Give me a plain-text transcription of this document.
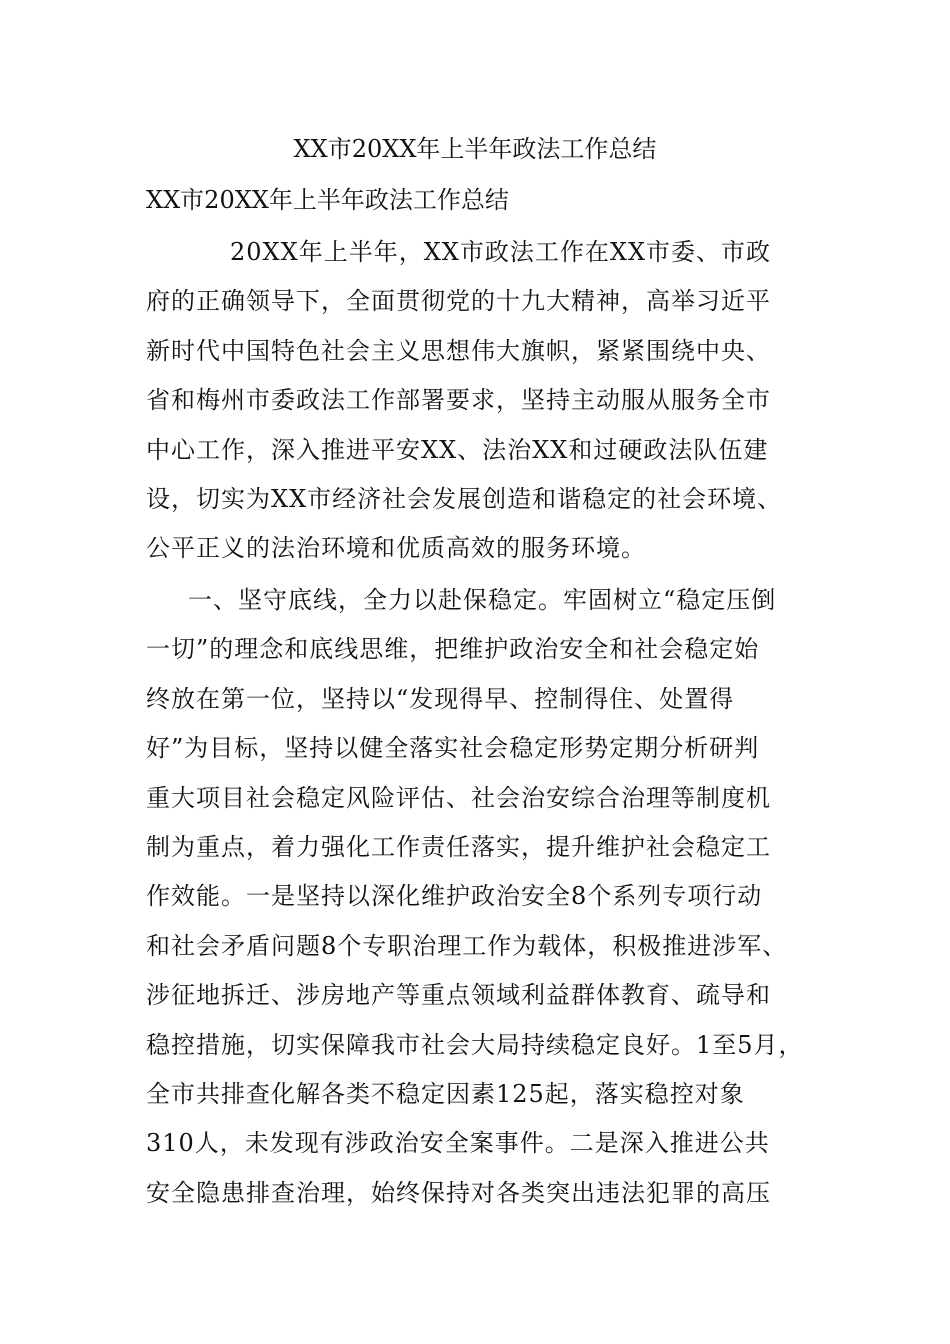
XX市20XX年上半年政法工作总结
XX市20XX年上半年政法工作总结
20XX年上半年，XX市政法工作在XX市委、市政
府的正确领导下，全面贯彻党的十九大精神，高举习近平
新时代中国特色社会主义思想伟大旗帜，紧紧围绕中央、
省和梅州市委政法工作部署要求，坚持主动服从服务全市
中心工作，深入推进平安XX、法治XX和过硬政法队伍建
设，切实为XX市经济社会发展创造和谐稳定的社会环境、
公平正义的法治环境和优质高效的服务环境。
一、坚守底线，全力以赴保稳定。牢固树立“稳定压倒
一切”的理念和底线思维，把维护政治安全和社会稳定始
终放在第一位，坚持以“发现得早、控制得住、处置得
好”为目标，坚持以健全落实社会稳定形势定期分析研判
重大项目社会稳定风险评估、社会治安综合治理等制度机
制为重点，着力强化工作责任落实，提升维护社会稳定工
作效能。一是坚持以深化维护政治安全8个系列专项行动
和社会矛盾问题8个专职治理工作为载体，积极推进涉军、
涉征地拆迁、涉房地产等重点领域利益群体教育、疏导和
稳控措施，切实保障我市社会大局持续稳定良好。1至5月，
全市共排查化解各类不稳定因素125起，落实稳控对象
310人，未发现有涉政治安全案事件。二是深入推进公共
安全隐患排查治理，始终保持对各类突出违法犯罪的高压
